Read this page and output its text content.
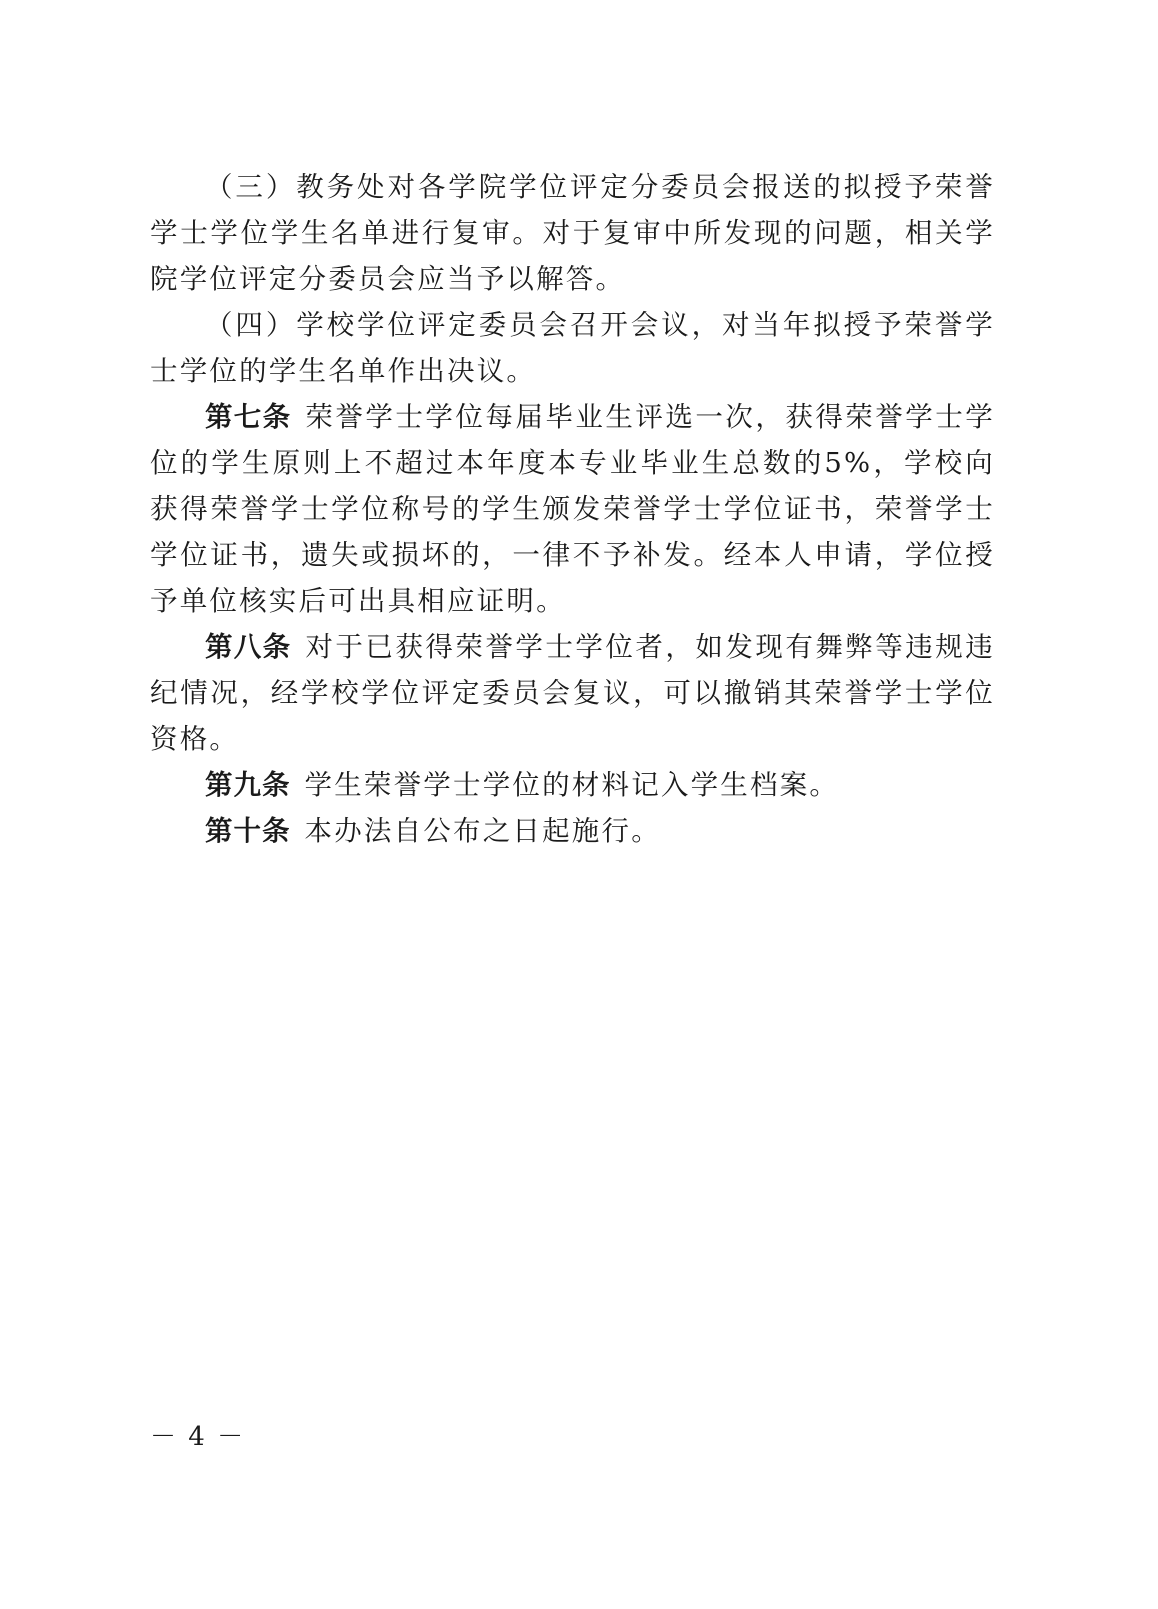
（三）教务处对各学院学位评定分委员会报送的拟授予荣誉学士学位学生名单进行复审。对于复审中所发现的问题，相关学院学位评定分委员会应当予以解答。

（四）学校学位评定委员会召开会议，对当年拟授予荣誉学士学位的学生名单作出决议。

第七条 荣誉学士学位每届毕业生评选一次，获得荣誉学士学位的学生原则上不超过本年度本专业毕业生总数的5%，学校向获得荣誉学士学位称号的学生颁发荣誉学士学位证书，荣誉学士学位证书，遗失或损坏的，一律不予补发。经本人申请，学位授予单位核实后可出具相应证明。

第八条 对于已获得荣誉学士学位者，如发现有舞弊等违规违纪情况，经学校学位评定委员会复议，可以撤销其荣誉学士学位资格。

第九条 学生荣誉学士学位的材料记入学生档案。

第十条 本办法自公布之日起施行。

－ 4 －
